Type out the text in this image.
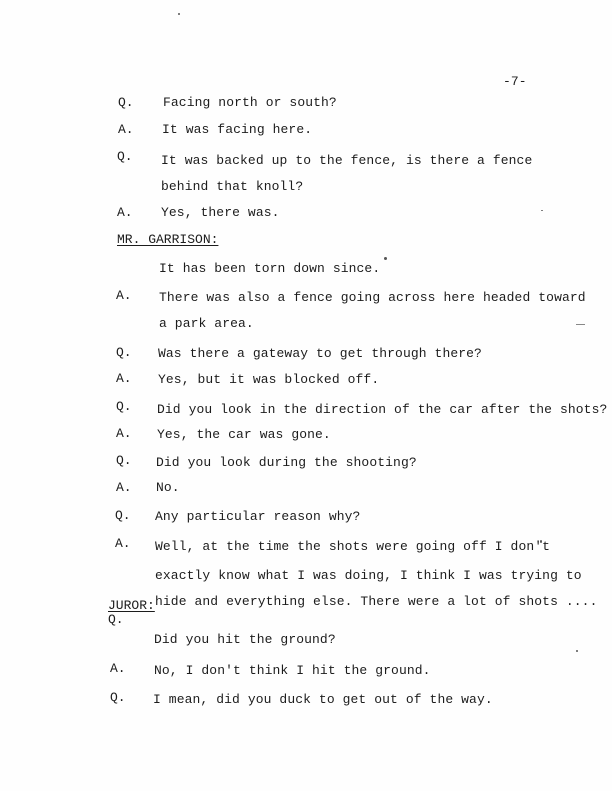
-7-
Q. Facing north or south?
A. It was facing here.
Q. It was backed up to the fence, is there a fence
behind that knoll?
A. Yes, there was.
MR. GARRISON:
It has been torn down since.
A. There was also a fence going across here headed toward
a park area.
Q. Was there a gateway to get through there?
A. Yes, but it was blocked off.
Q. Did you look in the direction of the car after the shots?
A. Yes, the car was gone.
Q. Did you look during the shooting?
A. No.
Q. Any particular reason why?
A. Well, at the time the shots were going off I don't
exactly know what I was doing, I think I was trying to
JUROR: hide and everything else. There were a lot of shots ....
Q.
Did you hit the ground?
A. No, I don't think I hit the ground.
Q. I mean, did you duck to get out of the way.
